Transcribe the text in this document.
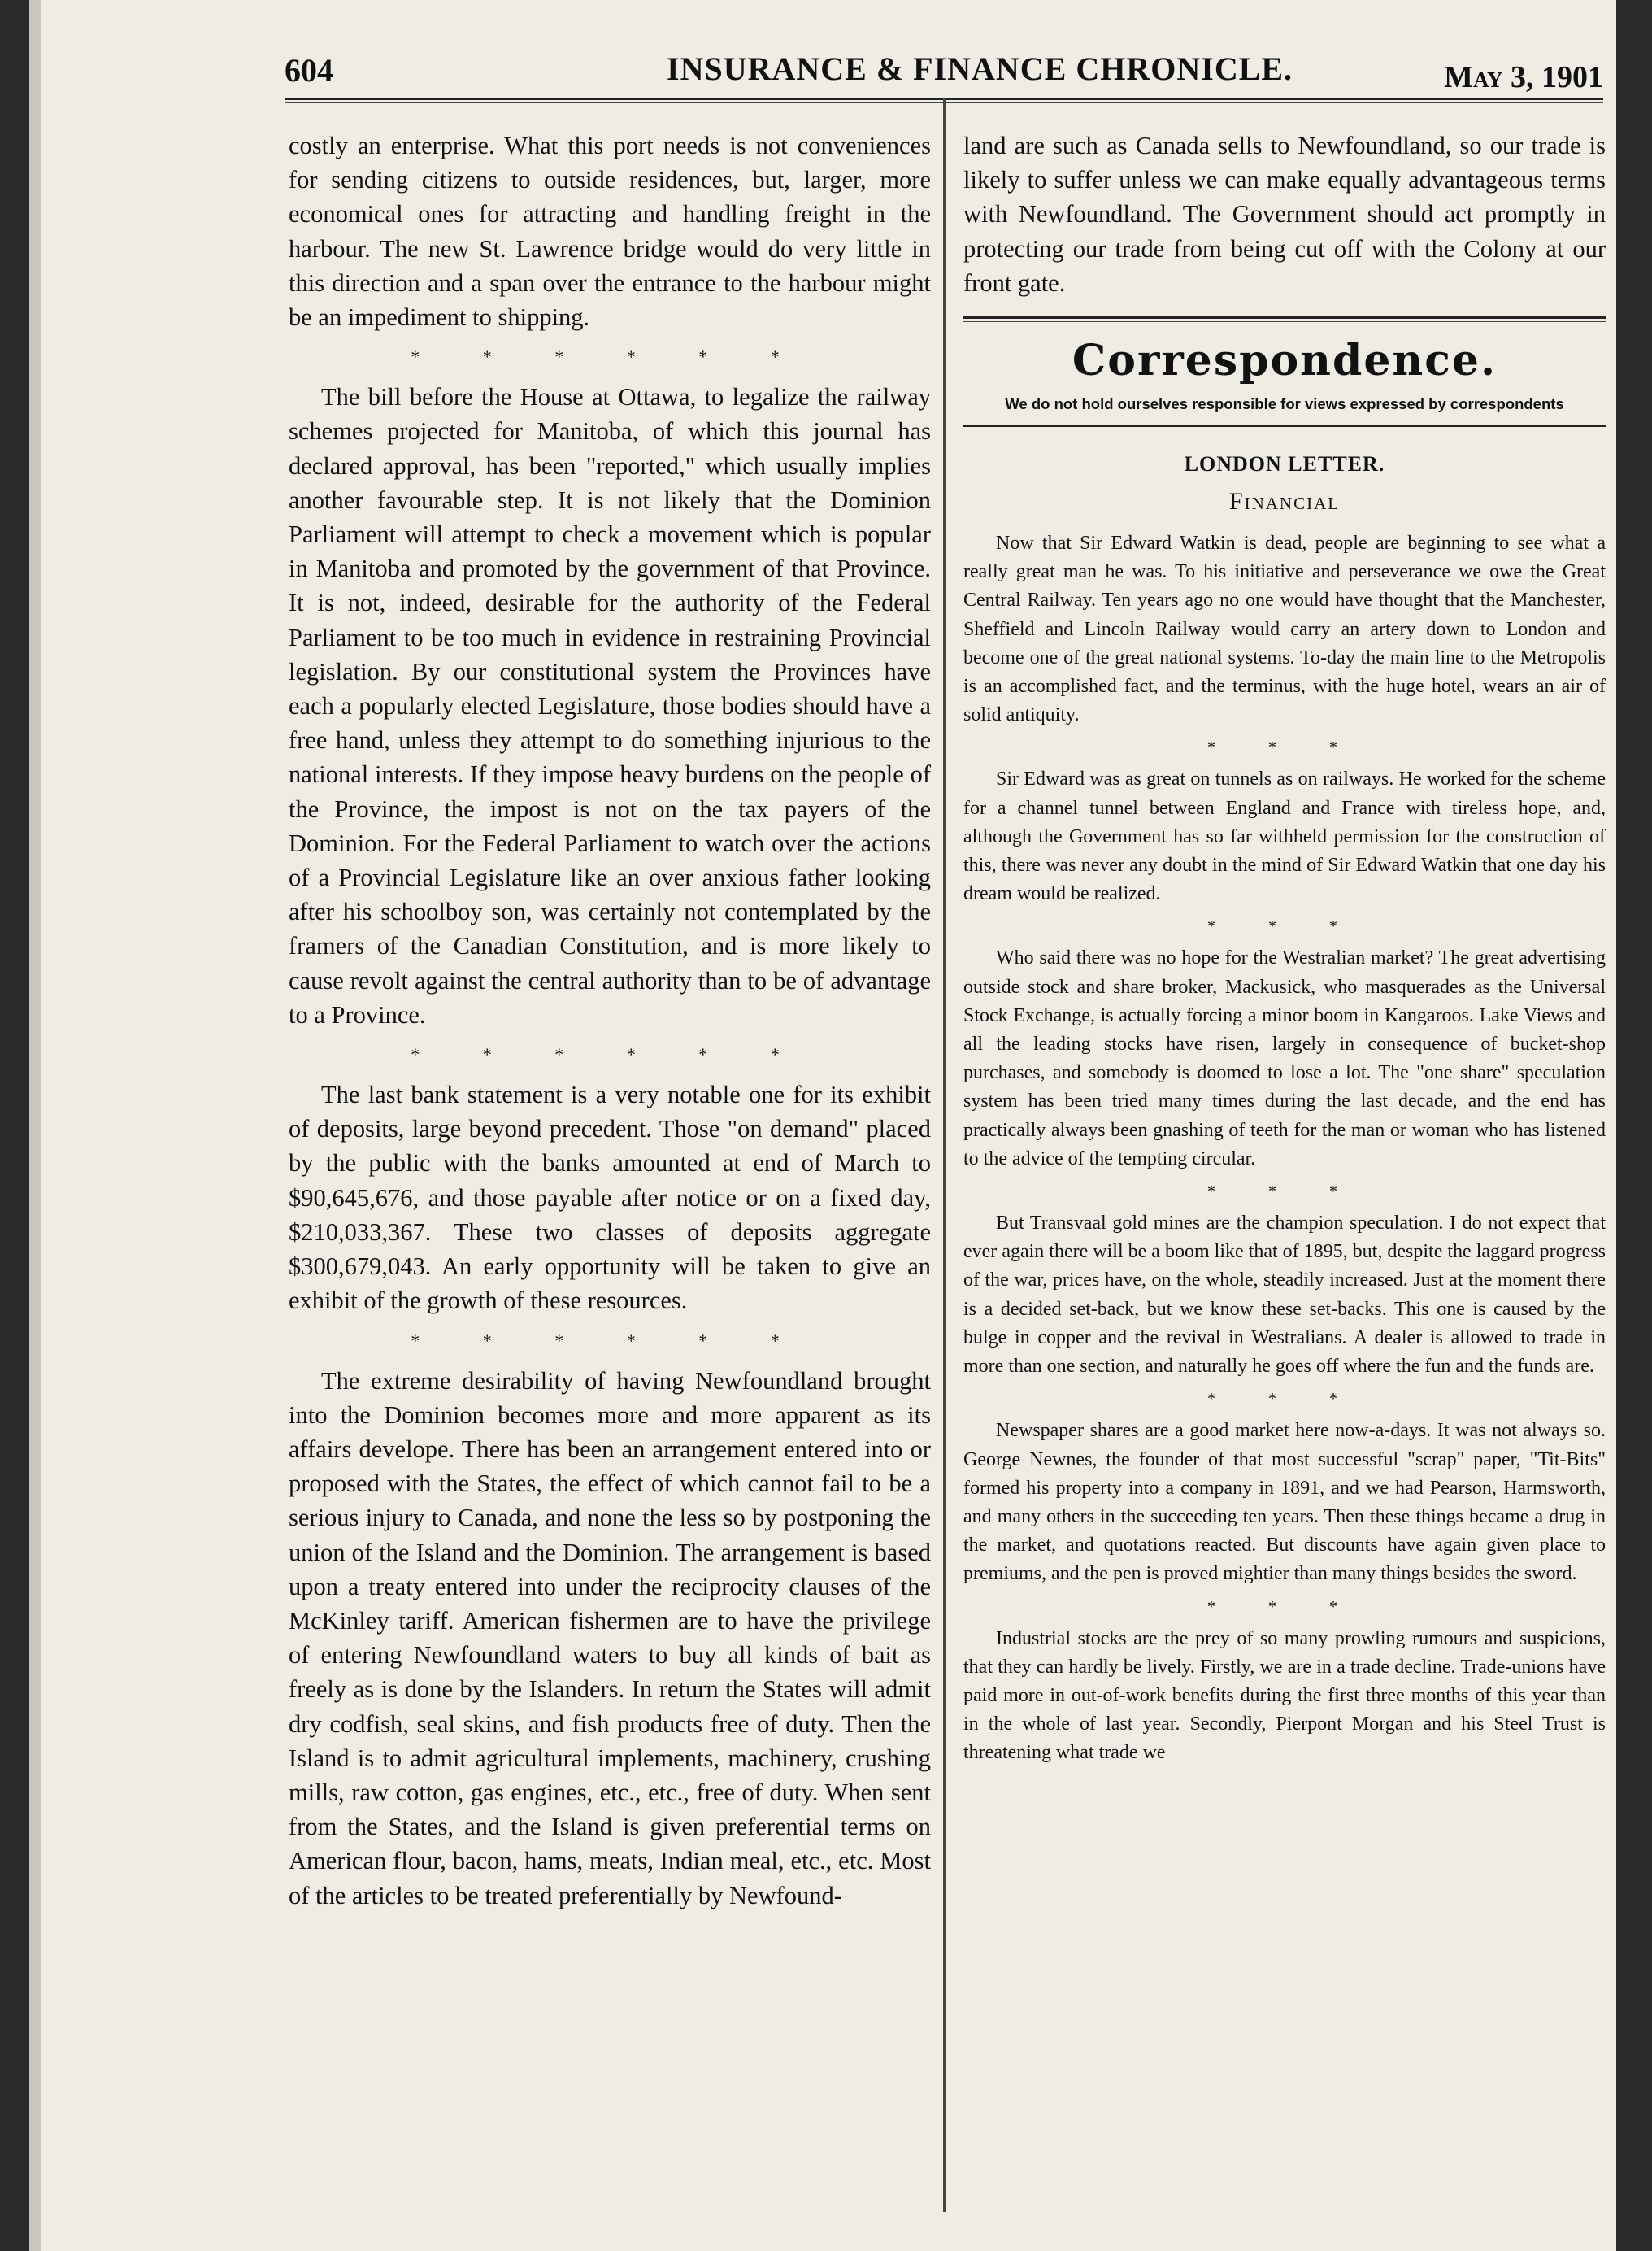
604	INSURANCE & FINANCE CHRONICLE.	May 3, 1901

costly an enterprise. What this port needs is not conveniences for sending citizens to outside residences, but, larger, more economical ones for attracting and handling freight in the harbour. The new St. Lawrence bridge would do very little in this direction and a span over the entrance to the harbour might be an impediment to shipping.

* * * * * *

The bill before the House at Ottawa, to legalize the railway schemes projected for Manitoba, of which this journal has declared approval, has been "reported," which usually implies another favourable step. It is not likely that the Dominion Parliament will attempt to check a movement which is popular in Manitoba and promoted by the government of that Province. It is not, indeed, desirable for the authority of the Federal Parliament to be too much in evidence in restraining Provincial legislation. By our constitutional system the Provinces have each a popularly elected Legislature, those bodies should have a free hand, unless they attempt to do something injurious to the national interests. If they impose heavy burdens on the people of the Province, the impost is not on the tax payers of the Dominion. For the Federal Parliament to watch over the actions of a Provincial Legislature like an over anxious father looking after his schoolboy son, was certainly not contemplated by the framers of the Canadian Constitution, and is more likely to cause revolt against the central authority than to be of advantage to a Province.

* * * * * *

The last bank statement is a very notable one for its exhibit of deposits, large beyond precedent. Those "on demand" placed by the public with the banks amounted at end of March to $90,645,676, and those payable after notice or on a fixed day, $210,033,367. These two classes of deposits aggregate $300,679,043. An early opportunity will be taken to give an exhibit of the growth of these resources.

* * * * * *

The extreme desirability of having Newfoundland brought into the Dominion becomes more and more apparent as its affairs develope. There has been an arrangement entered into or proposed with the States, the effect of which cannot fail to be a serious injury to Canada, and none the less so by postponing the union of the Island and the Dominion. The arrangement is based upon a treaty entered into under the reciprocity clauses of the McKinley tariff. American fishermen are to have the privilege of entering Newfoundland waters to buy all kinds of bait as freely as is done by the Islanders. In return the States will admit dry codfish, seal skins, and fish products free of duty. Then the Island is to admit agricultural implements, machinery, crushing mills, raw cotton, gas engines, etc., etc., free of duty. When sent from the States, and the Island is given preferential terms on American flour, bacon, hams, meats, Indian meal, etc., etc. Most of the articles to be treated preferentially by Newfound-

land are such as Canada sells to Newfoundland, so our trade is likely to suffer unless we can make equally advantageous terms with Newfoundland. The Government should act promptly in protecting our trade from being cut off with the Colony at our front gate.

Correspondence.
We do not hold ourselves responsible for views expressed by correspondents
LONDON LETTER.
Financial

Now that Sir Edward Watkin is dead, people are beginning to see what a really great man he was. To his initiative and perseverance we owe the Great Central Railway. Ten years ago no one would have thought that the Manchester, Sheffield and Lincoln Railway would carry an artery down to London and become one of the great national systems. To-day the main line to the Metropolis is an accomplished fact, and the terminus, with the huge hotel, wears an air of solid antiquity.

* * *

Sir Edward was as great on tunnels as on railways. He worked for the scheme for a channel tunnel between England and France with tireless hope, and, although the Government has so far withheld permission for the construction of this, there was never any doubt in the mind of Sir Edward Watkin that one day his dream would be realized.

* * *

Who said there was no hope for the Westralian market? The great advertising outside stock and share broker, Mackusick, who masquerades as the Universal Stock Exchange, is actually forcing a minor boom in Kangaroos. Lake Views and all the leading stocks have risen, largely in consequence of bucket-shop purchases, and somebody is doomed to lose a lot. The "one share" speculation system has been tried many times during the last decade, and the end has practically always been gnashing of teeth for the man or woman who has listened to the advice of the tempting circular.

* * *

But Transvaal gold mines are the champion speculation. I do not expect that ever again there will be a boom like that of 1895, but, despite the laggard progress of the war, prices have, on the whole, steadily increased. Just at the moment there is a decided set-back, but we know these set-backs. This one is caused by the bulge in copper and the revival in Westralians. A dealer is allowed to trade in more than one section, and naturally he goes off where the fun and the funds are.

* * *

Newspaper shares are a good market here now-a-days. It was not always so. George Newnes, the founder of that most successful "scrap" paper, "Tit-Bits" formed his property into a company in 1891, and we had Pearson, Harmsworth, and many others in the succeeding ten years. Then these things became a drug in the market, and quotations reacted. But discounts have again given place to premiums, and the pen is proved mightier than many things besides the sword.

* * *

Industrial stocks are the prey of so many prowling rumours and suspicions, that they can hardly be lively. Firstly, we are in a trade decline. Trade-unions have paid more in out-of-work benefits during the first three months of this year than in the whole of last year. Secondly, Pierpont Morgan and his Steel Trust is threatening what trade we
